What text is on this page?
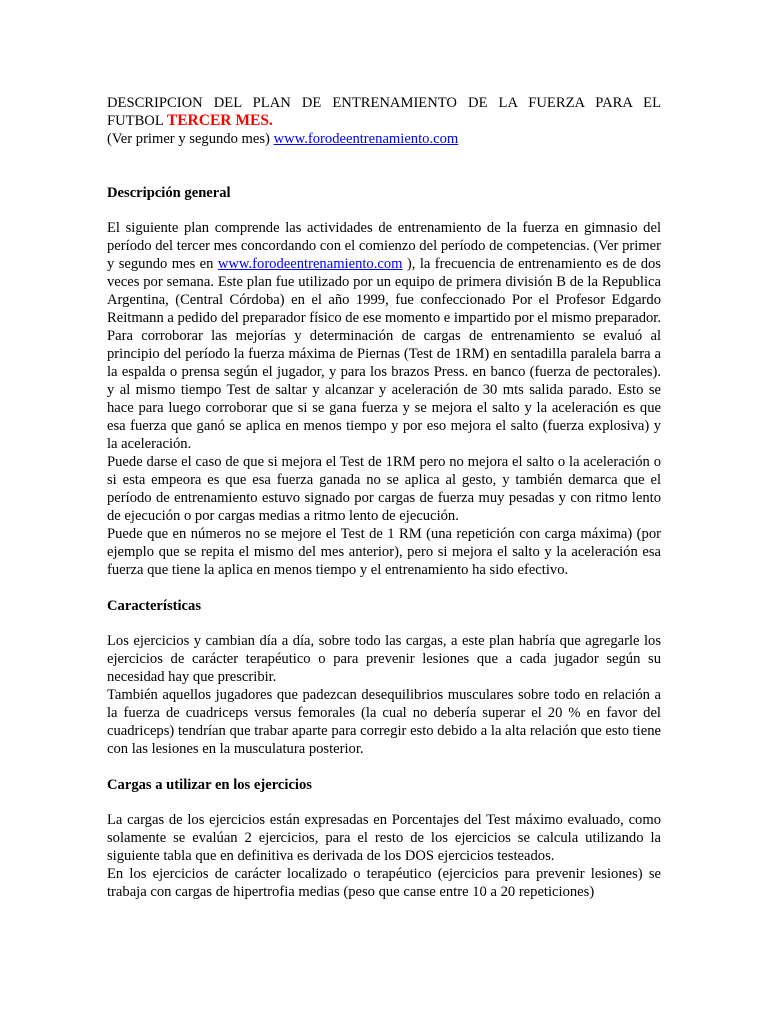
DESCRIPCION DEL PLAN DE ENTRENAMIENTO DE LA FUERZA PARA EL

FUTBOL TERCER MES.

(Ver primer y segundo mes) www.forodeentrenamiento.com

Descripción general

El siguiente plan comprende las actividades de entrenamiento de la fuerza en gimnasio del período del tercer mes concordando con el comienzo del período de competencias. (Ver primer y segundo mes en www.forodeentrenamiento.com ), la frecuencia de entrenamiento es de dos veces por semana. Este plan fue utilizado por un equipo de primera división B de la Republica Argentina, (Central Córdoba) en el año 1999, fue confeccionado Por el Profesor Edgardo Reitmann a pedido del preparador físico de ese momento e impartido por el mismo preparador.

Para corroborar las mejorías y determinación de cargas de entrenamiento se evaluó al principio del período la fuerza máxima de Piernas (Test de 1RM) en sentadilla paralela barra a la espalda o prensa según el jugador, y para los brazos Press. en banco (fuerza de pectorales). y al mismo tiempo Test de saltar y alcanzar y aceleración de 30 mts salida parado. Esto se hace para luego corroborar que si se gana fuerza y se mejora el salto y la aceleración es que esa fuerza que ganó se aplica en menos tiempo y por eso mejora el salto (fuerza explosiva) y la aceleración.

Puede darse el caso de que si mejora el Test de 1RM pero no mejora el salto o la aceleración o si esta empeora es que esa fuerza ganada no se aplica al gesto, y también demarca que el período de entrenamiento estuvo signado por cargas de fuerza muy pesadas y con ritmo lento de ejecución o por cargas medias a ritmo lento de ejecución.

Puede que en números no se mejore el Test de 1 RM (una repetición con carga máxima) (por ejemplo que se repita el mismo del mes anterior), pero si mejora el salto y la aceleración esa fuerza que tiene la aplica en menos tiempo y el entrenamiento ha sido efectivo.

Características

Los ejercicios y cambian día a día, sobre todo las cargas, a este plan habría que agregarle los ejercicios de carácter terapéutico o para prevenir lesiones que a cada jugador según su necesidad hay que prescribir.

También aquellos jugadores que padezcan desequilibrios musculares sobre todo en relación a la fuerza de cuadriceps versus femorales (la cual no debería superar el 20 % en favor del cuadriceps) tendrían que trabar aparte para corregir esto debido a la alta relación que esto tiene con las lesiones en la musculatura posterior.

Cargas a utilizar en los ejercicios

La cargas de los ejercicios están expresadas en Porcentajes del Test máximo evaluado, como solamente se evalúan 2 ejercicios, para el resto de los ejercicios se calcula utilizando la siguiente tabla que en definitiva es derivada de los DOS ejercicios testeados.

En los ejercicios de carácter localizado o terapéutico (ejercicios para prevenir lesiones) se trabaja con cargas de hipertrofia medias (peso que canse entre 10 a 20 repeticiones)
